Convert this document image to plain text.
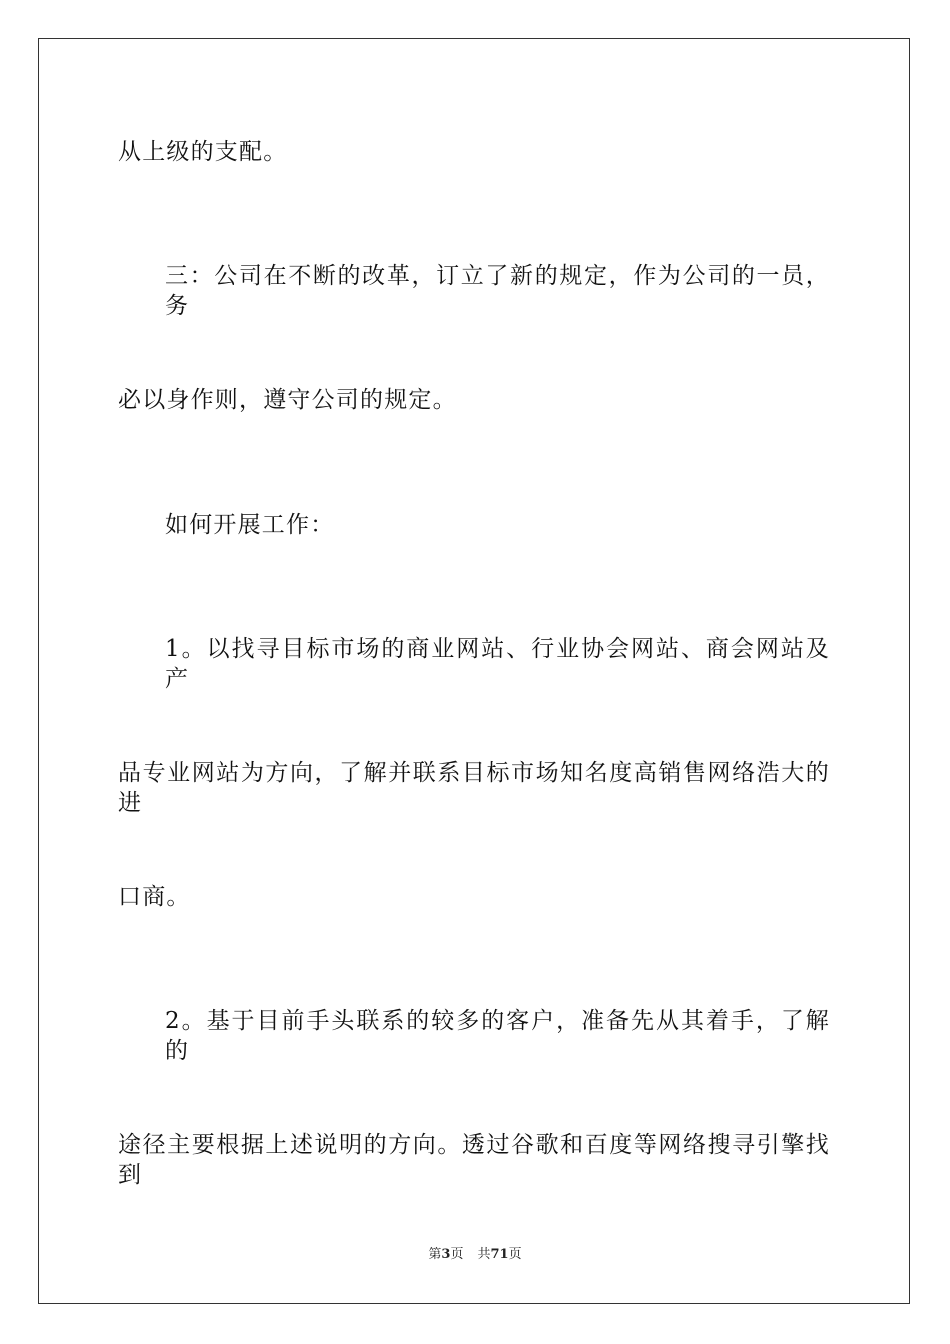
从上级的支配。
三：公司在不断的改革，订立了新的规定，作为公司的一员，务
必以身作则，遵守公司的规定。
如何开展工作：
1。以找寻目标市场的商业网站、行业协会网站、商会网站及产
品专业网站为方向，了解并联系目标市场知名度高销售网络浩大的进
口商。
2。基于目前手头联系的较多的客户，准备先从其着手，了解的
途径主要根据上述说明的方向。透过谷歌和百度等网络搜寻引擎找到
第3页 共71页
